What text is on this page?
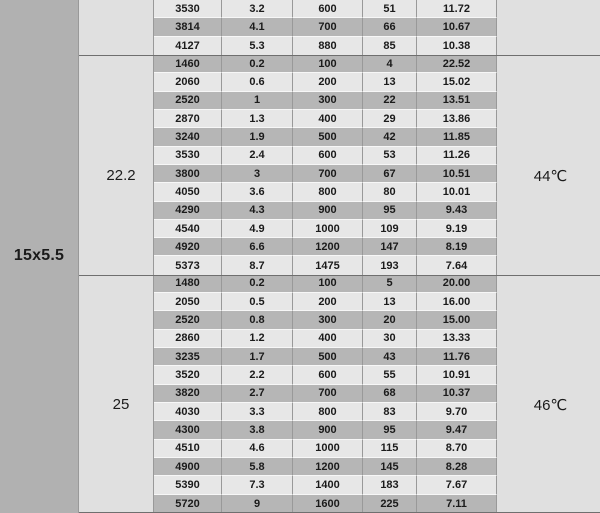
15x5.5
3530	3.2	600	51	11.72
3814	4.1	700	66	10.67
4127	5.3	880	85	10.38
22.2	44℃
1460	0.2	100	4	22.52
2060	0.6	200	13	15.02
2520	1	300	22	13.51
2870	1.3	400	29	13.86
3240	1.9	500	42	11.85
3530	2.4	600	53	11.26
3800	3	700	67	10.51
4050	3.6	800	80	10.01
4290	4.3	900	95	9.43
4540	4.9	1000	109	9.19
4920	6.6	1200	147	8.19
5373	8.7	1475	193	7.64
25	46℃
1480	0.2	100	5	20.00
2050	0.5	200	13	16.00
2520	0.8	300	20	15.00
2860	1.2	400	30	13.33
3235	1.7	500	43	11.76
3520	2.2	600	55	10.91
3820	2.7	700	68	10.37
4030	3.3	800	83	9.70
4300	3.8	900	95	9.47
4510	4.6	1000	115	8.70
4900	5.8	1200	145	8.28
5390	7.3	1400	183	7.67
5720	9	1600	225	7.11
